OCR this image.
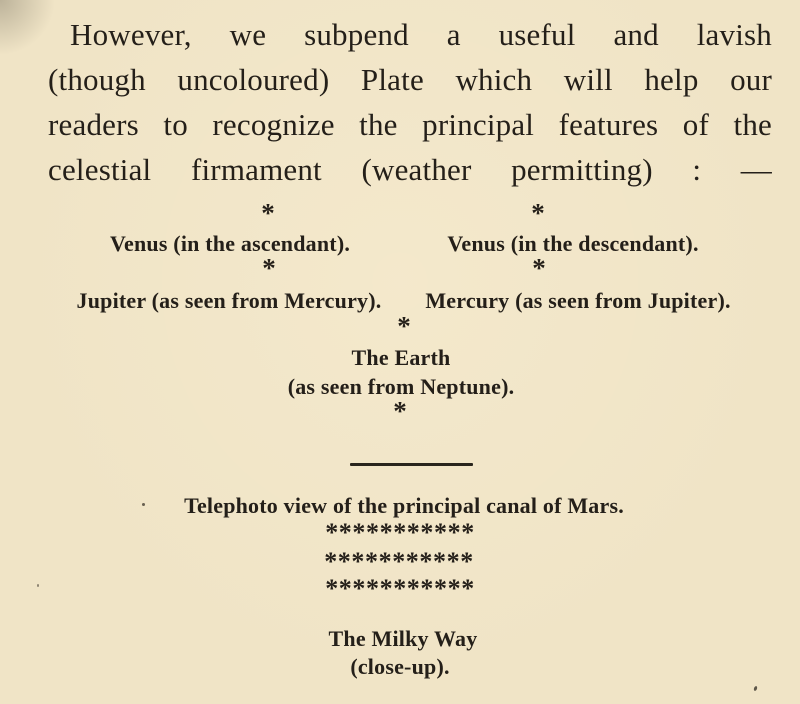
However, we subpend a useful and lavish
(though uncoloured) Plate which will help our
readers to recognize the principal features of the
celestial firmament (weather permitting) : —
*	*
Venus (in the ascendant).	Venus (in the descendant).
*	*
Jupiter (as seen from Mercury). Mercury (as seen from Jupiter).
*
The Earth
(as seen from Neptune).
*
Telephoto view of the principal canal of Mars.
***********
***********
***********
The Milky Way
(close-up).
